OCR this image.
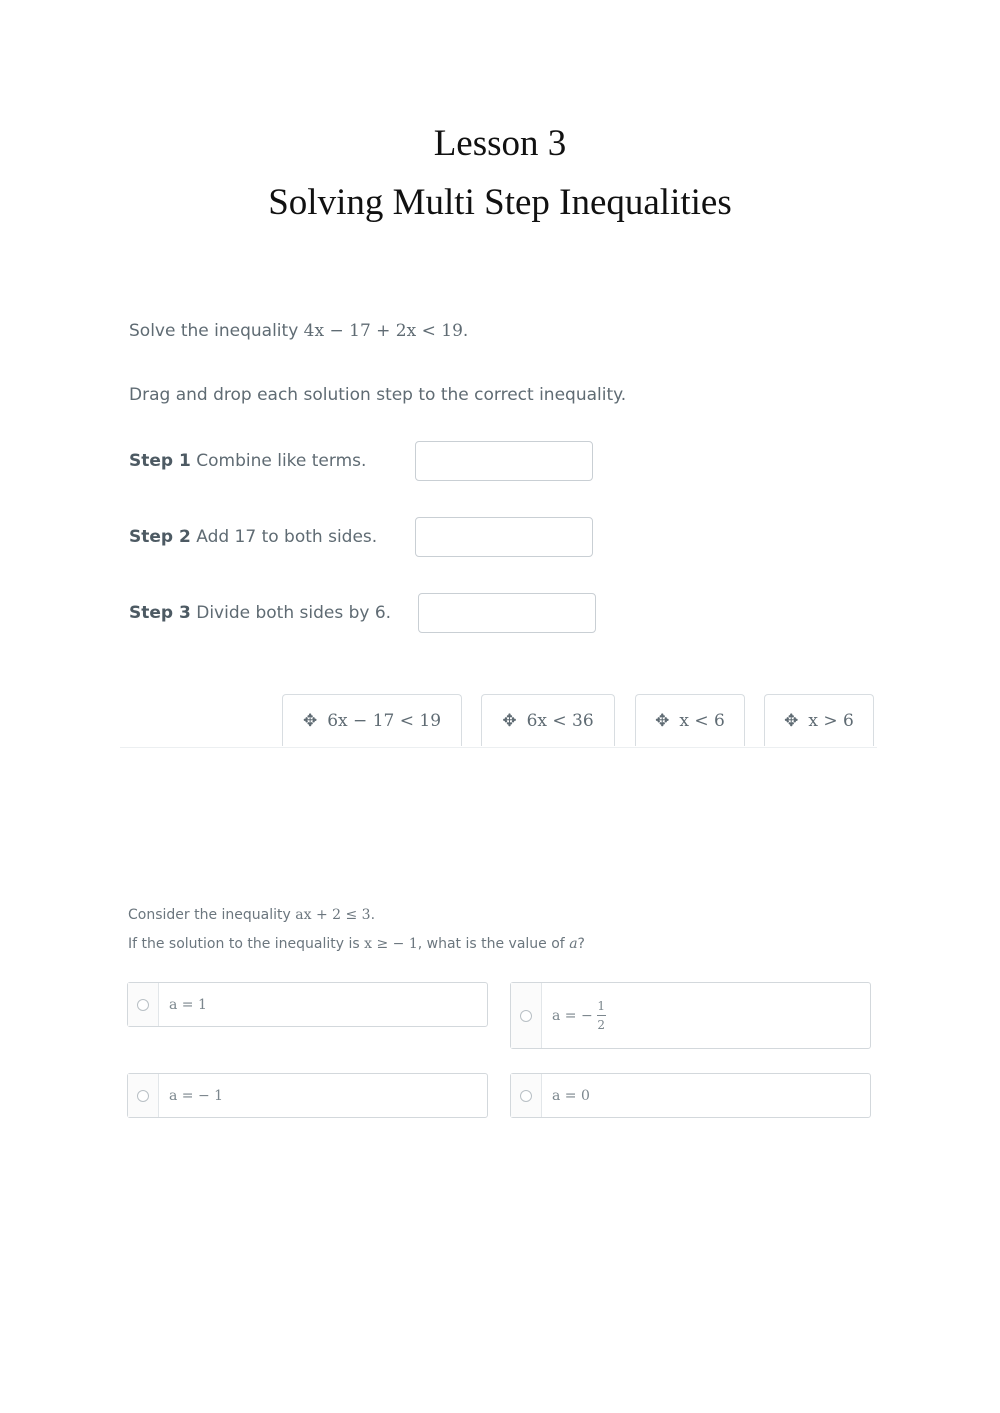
Lesson 3
Solving Multi Step Inequalities
Solve the inequality 4x − 17 + 2x < 19.
Drag and drop each solution step to the correct inequality.
Step 1 Combine like terms.
Step 2 Add 17 to both sides.
Step 3 Divide both sides by 6.
✥ 6x − 17 < 19	✥ 6x < 36	✥ x < 6	✥ x > 6
Consider the inequality ax + 2 ≤ 3.
If the solution to the inequality is x ≥ − 1, what is the value of a?
a = 1
a = − $\frac{1}{2}$
a = − 1	a = 0
